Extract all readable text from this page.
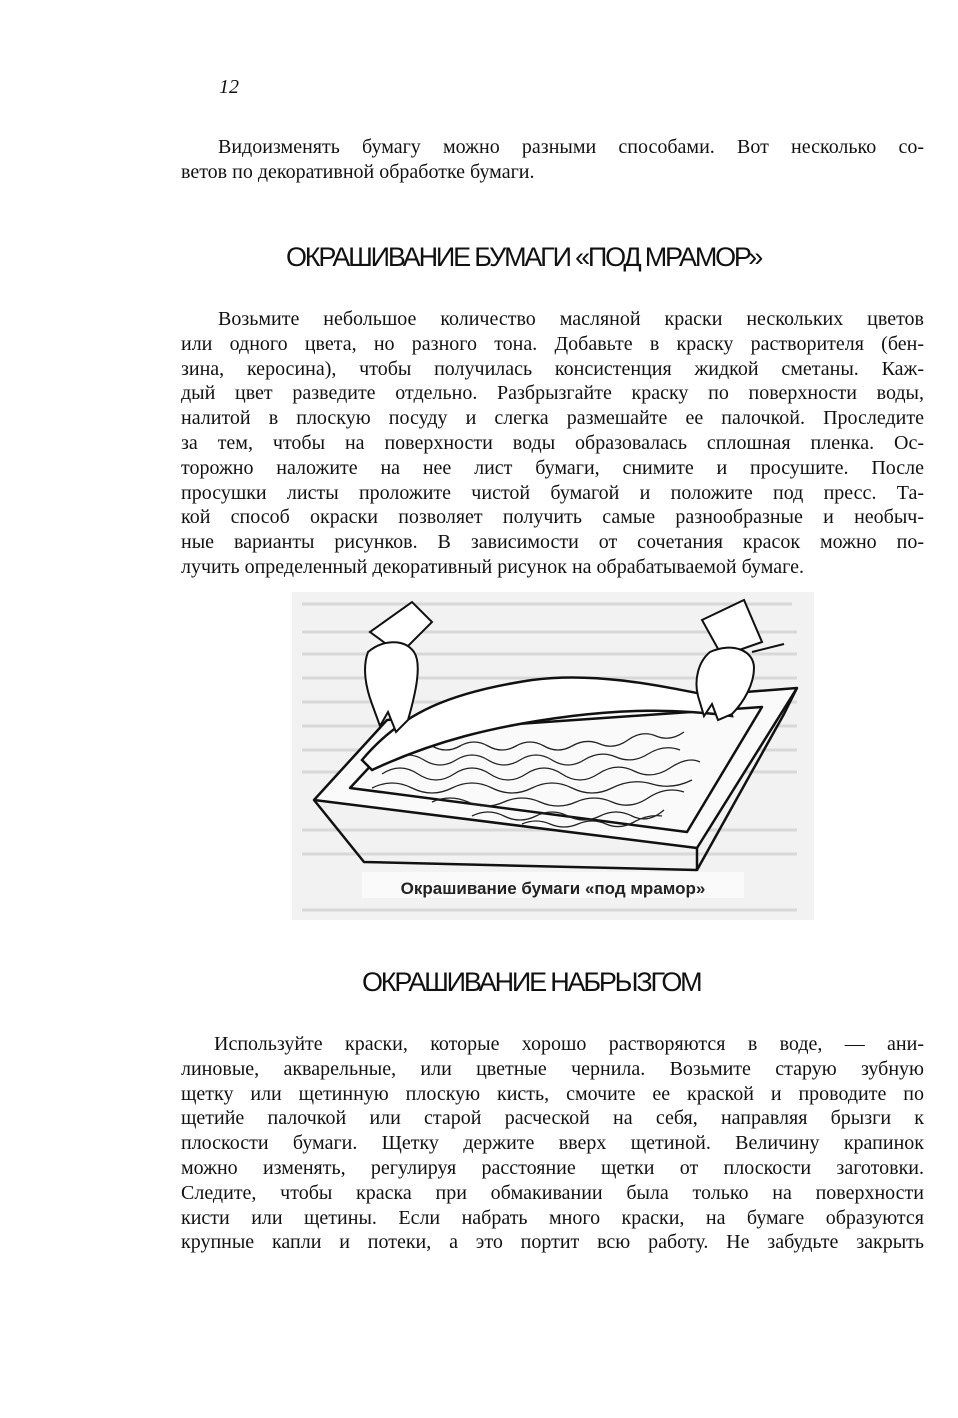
12
Видоизменять бумагу можно разными способами. Вот несколько со-
ветов по декоративной обработке бумаги.
ОКРАШИВАНИЕ БУМАГИ «ПОД МРАМОР»
Возьмите небольшое количество масляной краски нескольких цветов
или одного цвета, но разного тона. Добавьте в краску растворителя (бен-
зина, керосина), чтобы получилась консистенция жидкой сметаны. Каж-
дый цвет разведите отдельно. Разбрызгайте краску по поверхности воды,
налитой в плоскую посуду и слегка размешайте ее палочкой. Проследите
за тем, чтобы на поверхности воды образовалась сплошная пленка. Ос-
торожно наложите на нее лист бумаги, снимите и просушите. После
просушки листы проложите чистой бумагой и положите под пресс. Та-
кой способ окраски позволяет получить самые разнообразные и необыч-
ные варианты рисунков. В зависимости от сочетания красок можно по-
лучить определенный декоративный рисунок на обрабатываемой бумаге.
Окрашивание бумаги «под мрамор»
ОКРАШИВАНИЕ НАБРЫЗГОМ
Используйте краски, которые хорошо растворяются в воде, — ани-
линовые, акварельные, или цветные чернила. Возьмите старую зубную
щетку или щетинную плоскую кисть, смочите ее краской и проводите по
щетийе палочкой или старой расческой на себя, направляя брызги к
плоскости бумаги. Щетку держите вверх щетиной. Величину крапинок
можно изменять, регулируя расстояние щетки от плоскости заготовки.
Следите, чтобы краска при обмакивании была только на поверхности
кисти или щетины. Если набрать много краски, на бумаге образуются
крупные капли и потеки, а это портит всю работу. Не забудьте закрыть
